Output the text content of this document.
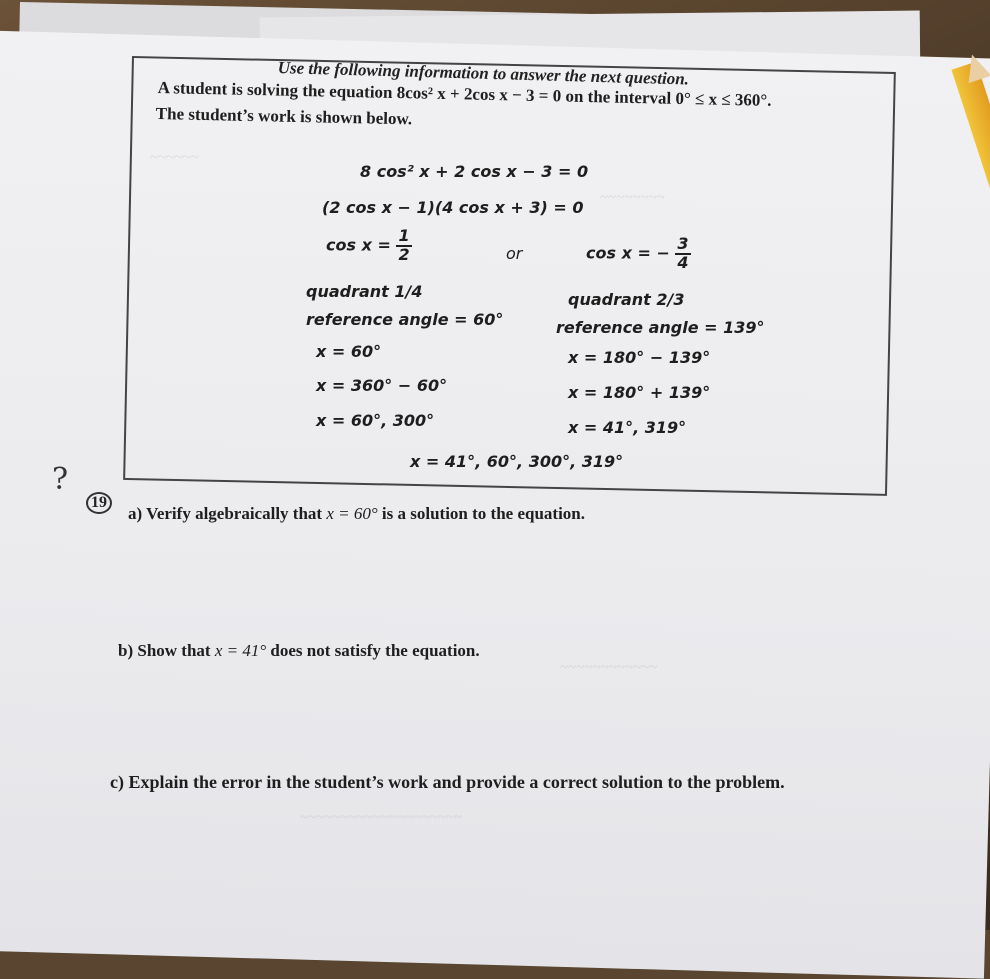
~~~~~~
~~~~~~~~
~~~~~~~~~~~~
~~~~~~~~~~~~~~~~~~~~
Use the following information to answer the next question.
A student is solving the equation 8cos² x + 2cos x − 3 = 0 on the interval 0° ≤ x ≤ 360°.
The student’s work is shown below.
8 cos² x + 2 cos x − 3 = 0
(2 cos x − 1)(4 cos x + 3) = 0
$\cos x = \frac{1}{2}$	or	cos x = − $\frac{3}{4}$
quadrant 1/4	quadrant 2/3
reference angle = 60°	reference angle = 139°
x = 60°	x = 180° − 139°
x = 360° − 60°	x = 180° + 139°
x = 60°, 300°	x = 41°, 319°
x = 41°, 60°, 300°, 319°
?
19
a) Verify algebraically that x = 60° is a solution to the equation.
b) Show that x = 41° does not satisfy the equation.
c) Explain the error in the student’s work and provide a correct solution to the problem.
